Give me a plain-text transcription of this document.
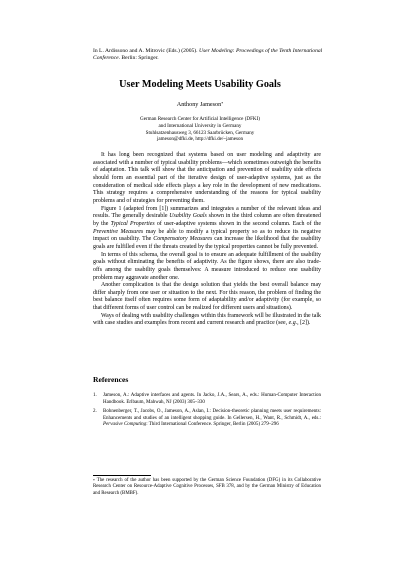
In L. Ardissono and A. Mitrovic (Eds.) (2005). User Modeling: Proceedings of the Tenth International Conference. Berlin: Springer.
User Modeling Meets Usability Goals
Anthony Jameson*
German Research Center for Artificial Intelligence (DFKI)
and International University in Germany
Stuhlsatzenhausweg 3, 66123 Saarbrücken, Germany
jameson@dfki.de, http://dfki.de/~jameson

It has long been recognized that systems based on user modeling and adaptivity are associated with a number of typical usability problems—which sometimes outweigh the benefits of adaptation. This talk will show that the anticipation and prevention of usability side effects should form an essential part of the iterative design of user-adaptive systems, just as the consideration of medical side effects plays a key role in the development of new medications. This strategy requires a comprehensive understanding of the reasons for typical usability problems and of strategies for preventing them.

Figure 1 (adapted from [1]) summarizes and integrates a number of the relevant ideas and results. The generally desirable Usability Goals shown in the third column are often threatened by the Typical Properties of user-adaptive systems shown in the second column. Each of the Preventive Measures may be able to modify a typical property so as to reduce its negative impact on usability. The Compensatory Measures can increase the likelihood that the usability goals are fulfilled even if the threats created by the typical properties cannot be fully prevented.

In terms of this schema, the overall goal is to ensure an adequate fulfillment of the usability goals without eliminating the benefits of adaptivity. As the figure shows, there are also trade-offs among the usability goals themselves: A measure introduced to reduce one usability problem may aggravate another one.

Another complication is that the design solution that yields the best overall balance may differ sharply from one user or situation to the next. For this reason, the problem of finding the best balance itself often requires some form of adaptability and/or adaptivity (for example, so that different forms of user control can be realized for different users and situations).

Ways of dealing with usability challenges within this framework will be illustrated in the talk with case studies and examples from recent and current research and practice (see, e.g., [2]).

References
1. Jameson, A.: Adaptive interfaces and agents. In Jacko, J.A., Sears, A., eds.: Human-Computer Interaction Handbook. Erlbaum, Mahwah, NJ (2003) 305–330
2. Bohnenberger, T., Jacobs, O., Jameson, A., Aslan, I.: Decision-theoretic planning meets user requirements: Enhancements and studies of an intelligent shopping guide. In Gellersen, H., Want, R., Schmidt, A., eds.: Pervasive Computing: Third International Conference. Springer, Berlin (2005) 279–296
* The research of the author has been supported by the German Science Foundation (DFG) in its Collaborative Research Center on Resource-Adaptive Cognitive Processes, SFB 378, and by the German Ministry of Education and Research (BMBF).
